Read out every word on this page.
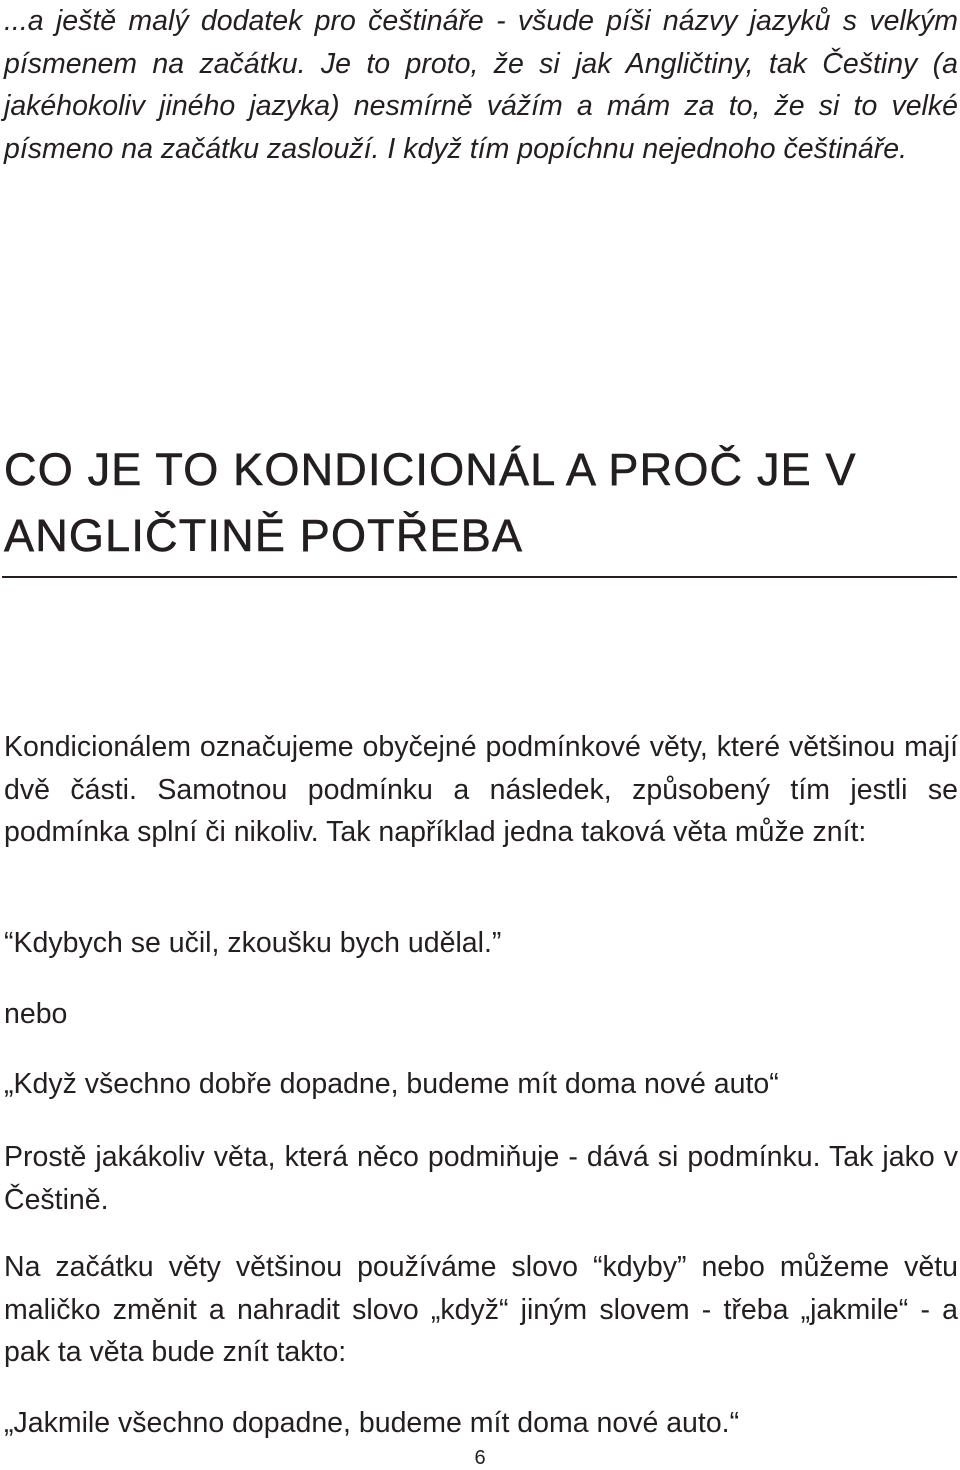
...a ještě malý dodatek pro češtináře - všude píši názvy jazyků s velkým písmenem na začátku. Je to proto, že si jak Angličtiny, tak Češtiny (a jakéhokoliv jiného jazyka) nesmírně vážím a mám za to, že si to velké písmeno na začátku zaslouží. I když tím popíchnu nejednoho češtináře.

CO JE TO KONDICIONÁL A PROČ JE V ANGLIČTINĚ POTŘEBA

Kondicionálem označujeme obyčejné podmínkové věty, které většinou mají dvě části. Samotnou podmínku a následek, způsobený tím jestli se podmínka splní či nikoliv. Tak například jedna taková věta může znít:

“Kdybych se učil, zkoušku bych udělal.”

nebo

„Když všechno dobře dopadne, budeme mít doma nové auto“

Prostě jakákoliv věta, která něco podmiňuje - dává si podmínku. Tak jako v Češtině.

Na začátku věty většinou používáme slovo “kdyby” nebo můžeme větu maličko změnit a nahradit slovo „když“ jiným slovem - třeba „jakmile“ - a pak ta věta bude znít takto:

„Jakmile všechno dopadne, budeme mít doma nové auto.“

6
